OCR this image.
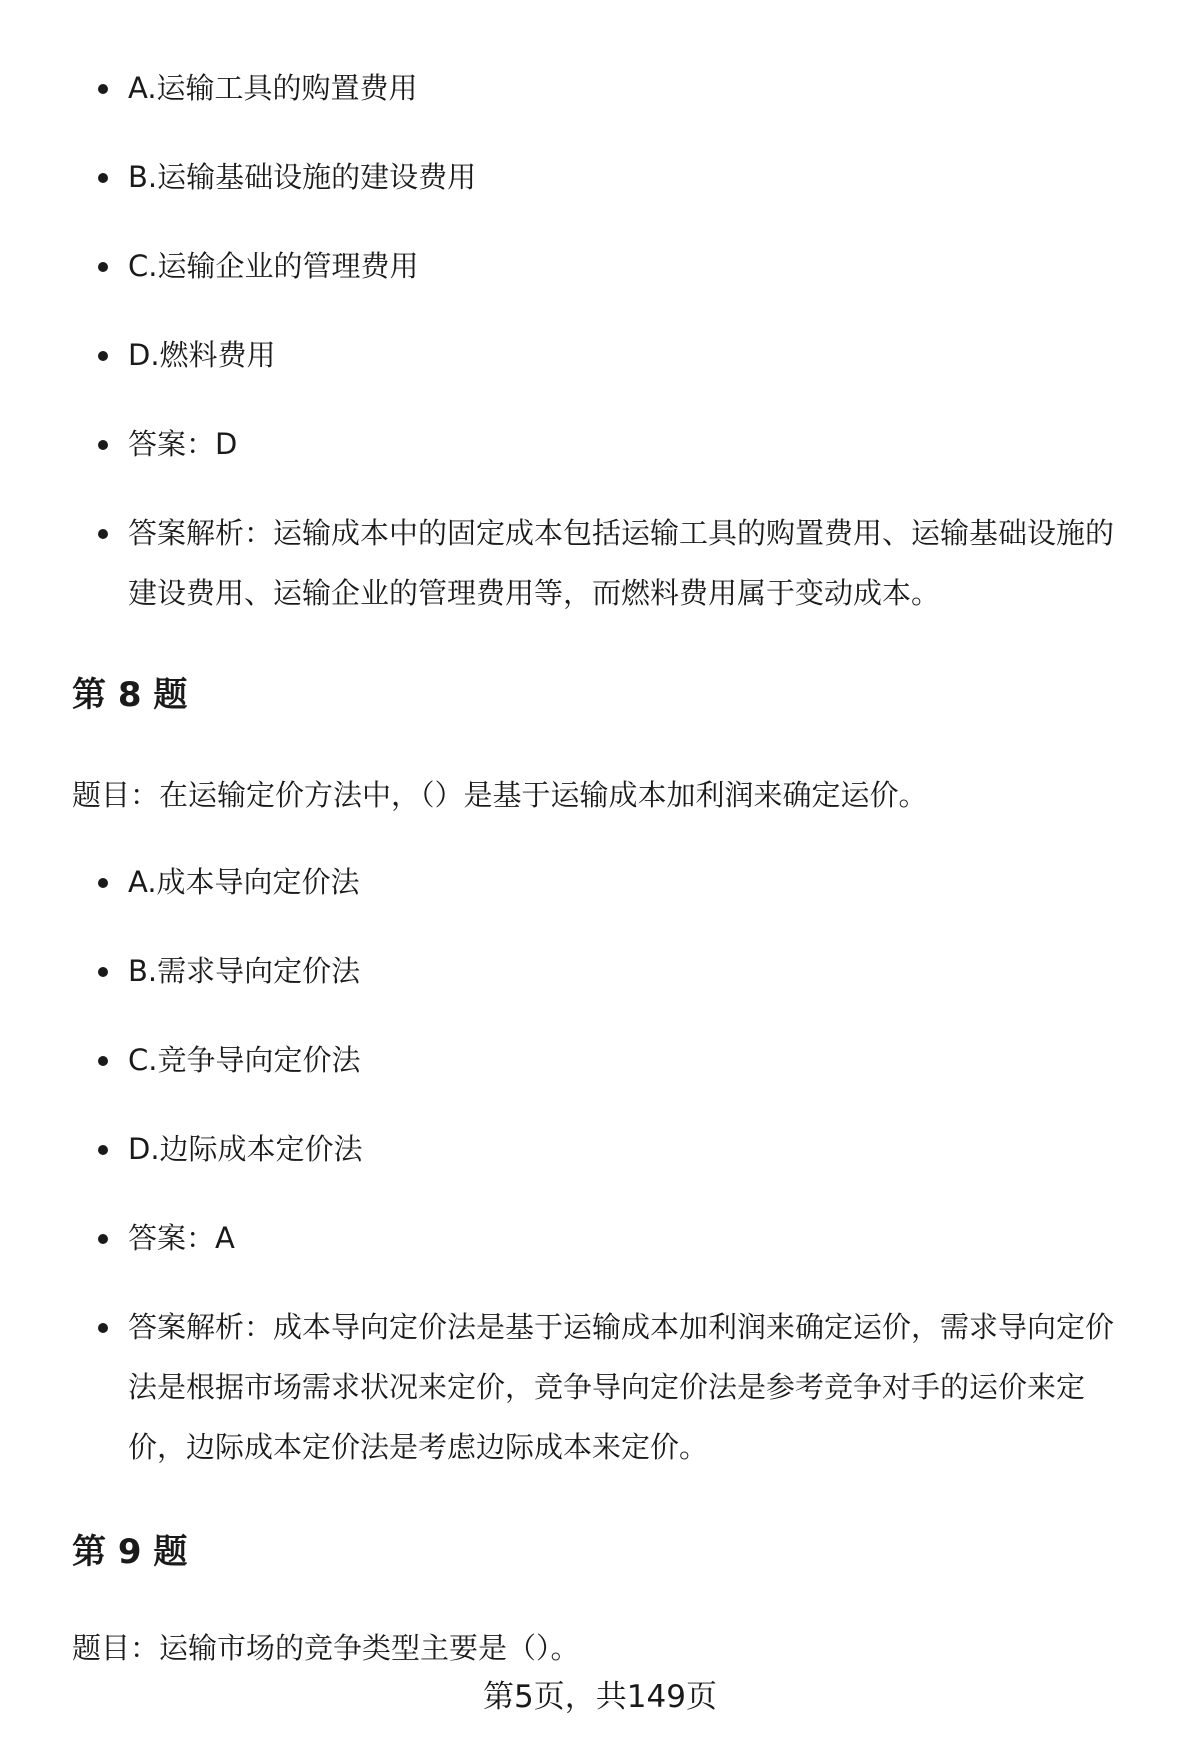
A.运输工具的购置费用
B.运输基础设施的建设费用
C.运输企业的管理费用
D.燃料费用
答案：D
答案解析：运输成本中的固定成本包括运输工具的购置费用、运输基础设施的建设费用、运输企业的管理费用等，而燃料费用属于变动成本。
第 8 题

题目：在运输定价方法中，（）是基于运输成本加利润来确定运价。

A.成本导向定价法
B.需求导向定价法
C.竞争导向定价法
D.边际成本定价法
答案：A
答案解析：成本导向定价法是基于运输成本加利润来确定运价，需求导向定价法是根据市场需求状况来定价，竞争导向定价法是参考竞争对手的运价来定价，边际成本定价法是考虑边际成本来定价。
第 9 题

题目：运输市场的竞争类型主要是（）。

第5页，共149页
